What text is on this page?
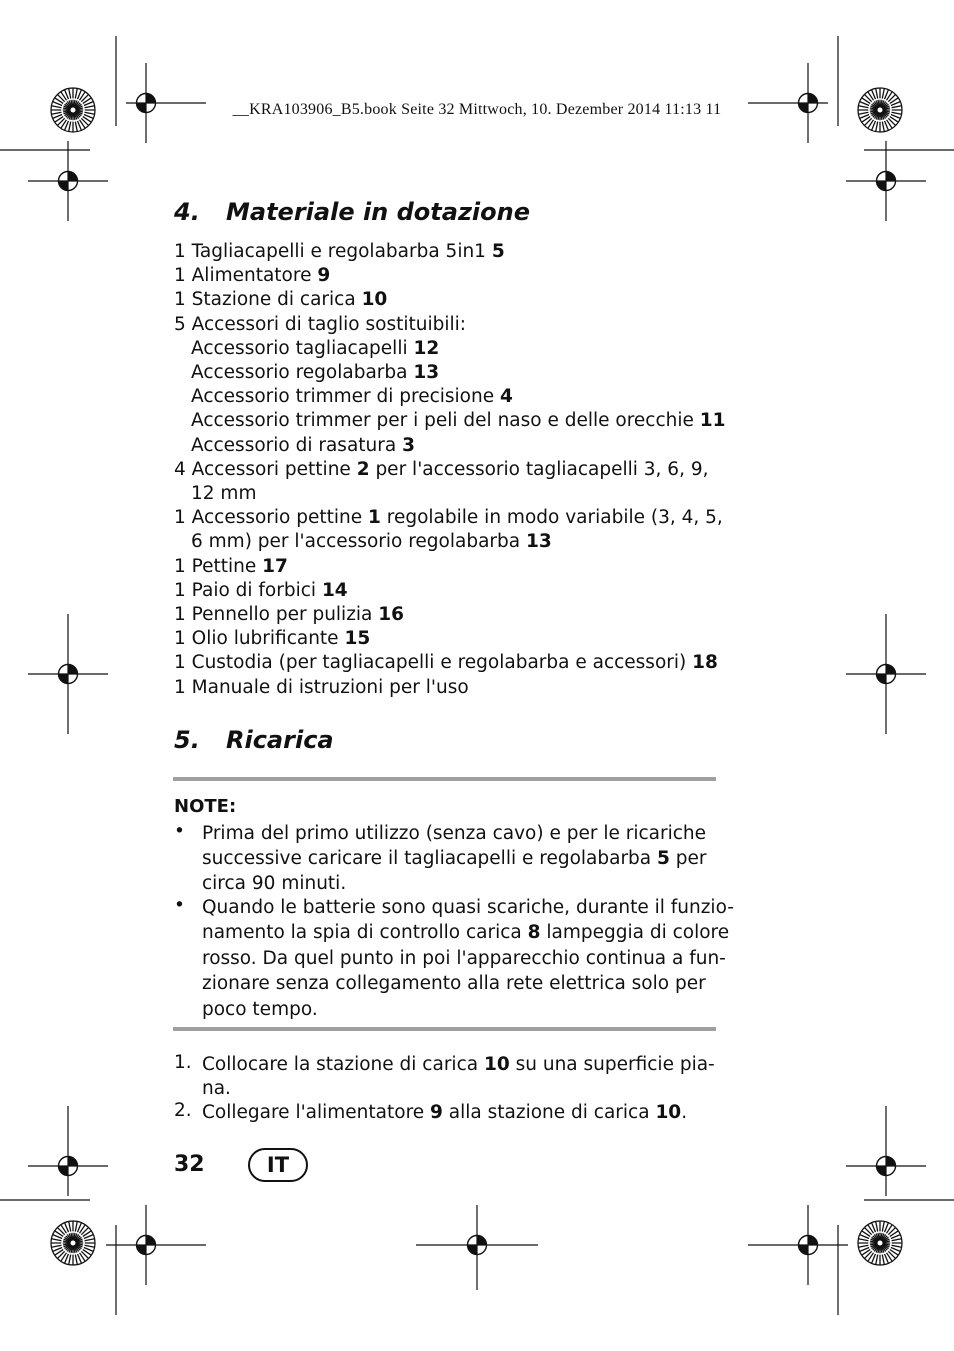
__KRA103906_B5.book Seite 32 Mittwoch, 10. Dezember 2014 11:13 11
4. Materiale in dotazione
1 Tagliacapelli e regolabarba 5in1 5
1 Alimentatore 9
1 Stazione di carica 10
5 Accessori di taglio sostituibili:
Accessorio tagliacapelli 12
Accessorio regolabarba 13
Accessorio trimmer di precisione 4
Accessorio trimmer per i peli del naso e delle orecchie 11
Accessorio di rasatura 3
4 Accessori pettine 2 per l'accessorio tagliacapelli 3, 6, 9,
12 mm
1 Accessorio pettine 1 regolabile in modo variabile (3, 4, 5,
6 mm) per l'accessorio regolabarba 13
1 Pettine 17
1 Paio di forbici 14
1 Pennello per pulizia 16
1 Olio lubrificante 15
1 Custodia (per tagliacapelli e regolabarba e accessori) 18
1 Manuale di istruzioni per l'uso
5. Ricarica
NOTE:
• Prima del primo utilizzo (senza cavo) e per le ricariche
successive caricare il tagliacapelli e regolabarba 5 per
circa 90 minuti.
• Quando le batterie sono quasi scariche, durante il funzio-
namento la spia di controllo carica 8 lampeggia di colore
rosso. Da quel punto in poi l'apparecchio continua a fun-
zionare senza collegamento alla rete elettrica solo per
poco tempo.
1. Collocare la stazione di carica 10 su una superficie pia-
na.
2. Collegare l'alimentatore 9 alla stazione di carica 10.
32	IT
